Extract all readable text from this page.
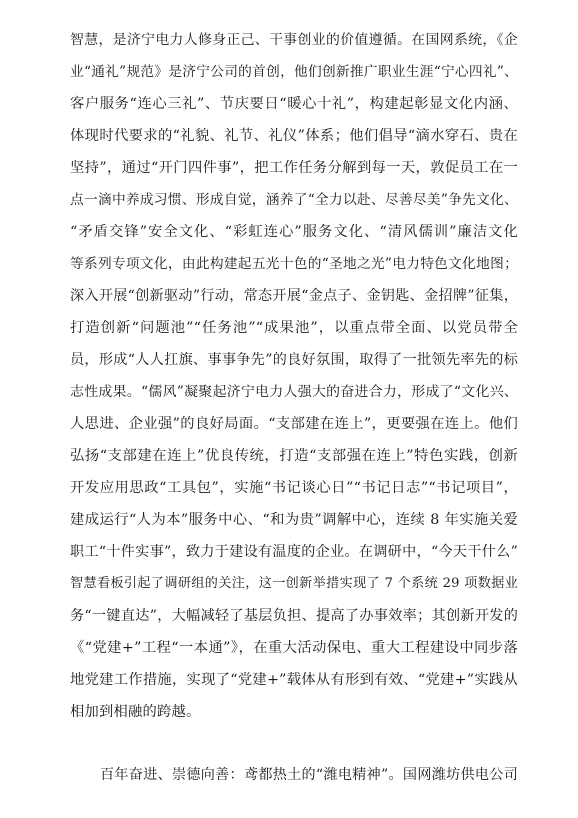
智慧，是济宁电力人修身正己、干事创业的价值遵循。在国网系统，《企
业“通礼”规范》是济宁公司的首创，他们创新推广职业生涯“宁心四礼”、
客户服务“连心三礼”、节庆要日“暖心十礼”，构建起彰显文化内涵、
体现时代要求的“礼貌、礼节、礼仪”体系；他们倡导“滴水穿石、贵在
坚持”，通过“开门四件事”，把工作任务分解到每一天，敦促员工在一
点一滴中养成习惯、形成自觉，涵养了“全力以赴、尽善尽美”争先文化、
“矛盾交锋”安全文化、“彩虹连心”服务文化、“清风儒训”廉洁文化
等系列专项文化，由此构建起五光十色的“圣地之光”电力特色文化地图；
深入开展“创新驱动”行动，常态开展“金点子、金钥匙、金招牌”征集，
打造创新“问题池”“任务池”“成果池”，以重点带全面、以党员带全
员，形成“人人扛旗、事事争先”的良好氛围，取得了一批领先率先的标
志性成果。“儒风”凝聚起济宁电力人强大的奋进合力，形成了“文化兴、
人思进、企业强”的良好局面。“支部建在连上”，更要强在连上。他们
弘扬“支部建在连上”优良传统，打造“支部强在连上”特色实践，创新
开发应用思政“工具包”，实施“书记谈心日”“书记日志”“书记项目”，
建成运行“人为本”服务中心、“和为贵”调解中心，连续 8 年实施关爱
职工“十件实事”，致力于建设有温度的企业。在调研中，“今天干什么”
智慧看板引起了调研组的关注，这一创新举措实现了 7 个系统 29 项数据业
务“一键直达”，大幅减轻了基层负担、提高了办事效率；其创新开发的
《“党建+”工程“一本通”》，在重大活动保电、重大工程建设中同步落
地党建工作措施，实现了“党建+”载体从有形到有效、“党建+”实践从
相加到相融的跨越。
百年奋进、崇德向善：鸢都热土的“潍电精神”。国网潍坊供电公司
